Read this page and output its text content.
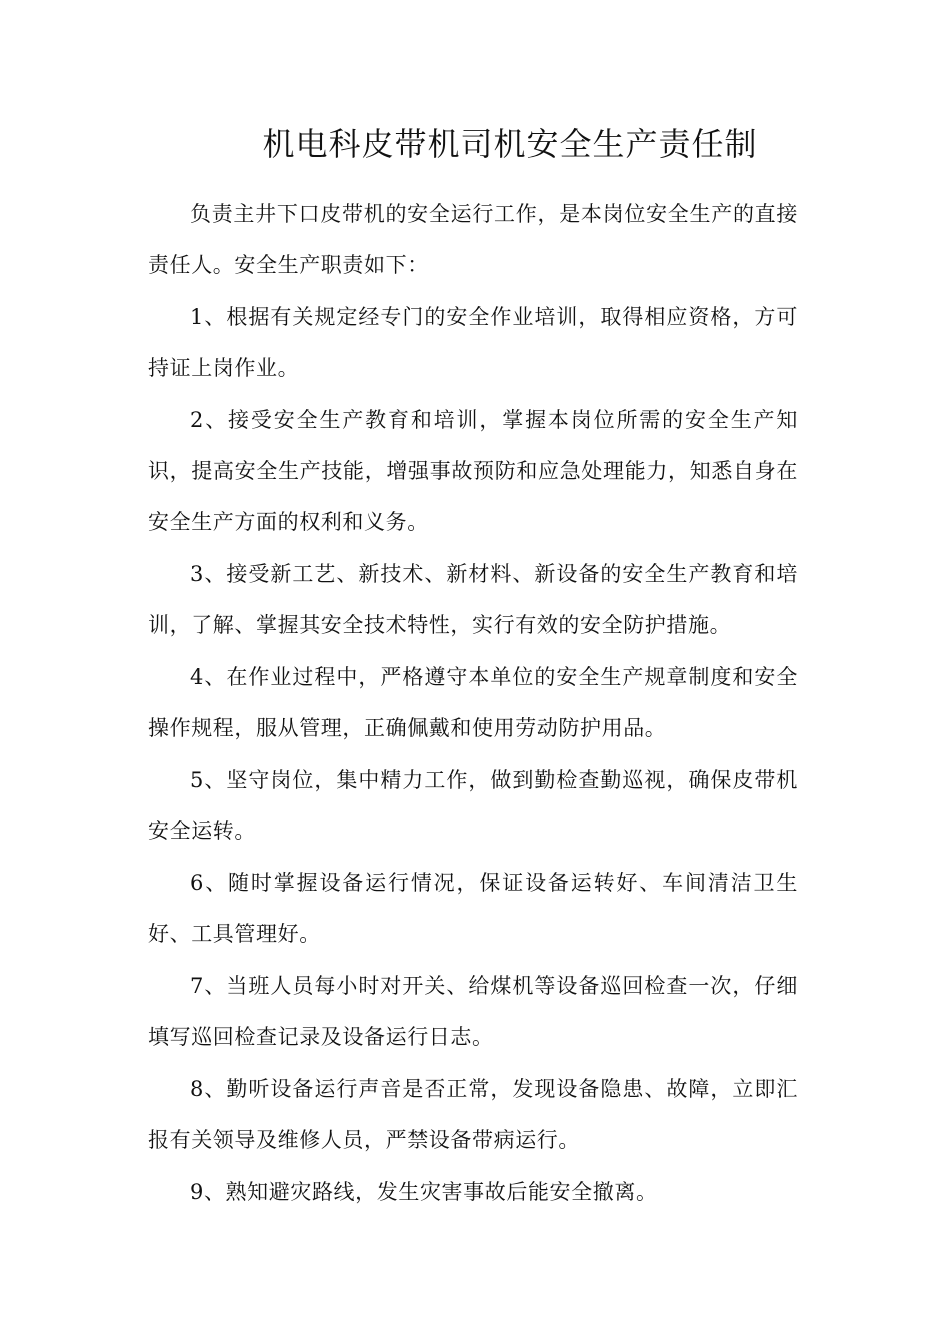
机电科皮带机司机安全生产责任制

负责主井下口皮带机的安全运行工作，是本岗位安全生产的直接责任人。安全生产职责如下：

1、根据有关规定经专门的安全作业培训，取得相应资格，方可持证上岗作业。

2、接受安全生产教育和培训，掌握本岗位所需的安全生产知识，提高安全生产技能，增强事故预防和应急处理能力，知悉自身在安全生产方面的权利和义务。

3、接受新工艺、新技术、新材料、新设备的安全生产教育和培训，了解、掌握其安全技术特性，实行有效的安全防护措施。

4、在作业过程中，严格遵守本单位的安全生产规章制度和安全操作规程，服从管理，正确佩戴和使用劳动防护用品。

5、坚守岗位，集中精力工作，做到勤检查勤巡视，确保皮带机安全运转。

6、随时掌握设备运行情况，保证设备运转好、车间清洁卫生好、工具管理好。

7、当班人员每小时对开关、给煤机等设备巡回检查一次，仔细填写巡回检查记录及设备运行日志。

8、勤听设备运行声音是否正常，发现设备隐患、故障，立即汇报有关领导及维修人员，严禁设备带病运行。

9、熟知避灾路线，发生灾害事故后能安全撤离。
